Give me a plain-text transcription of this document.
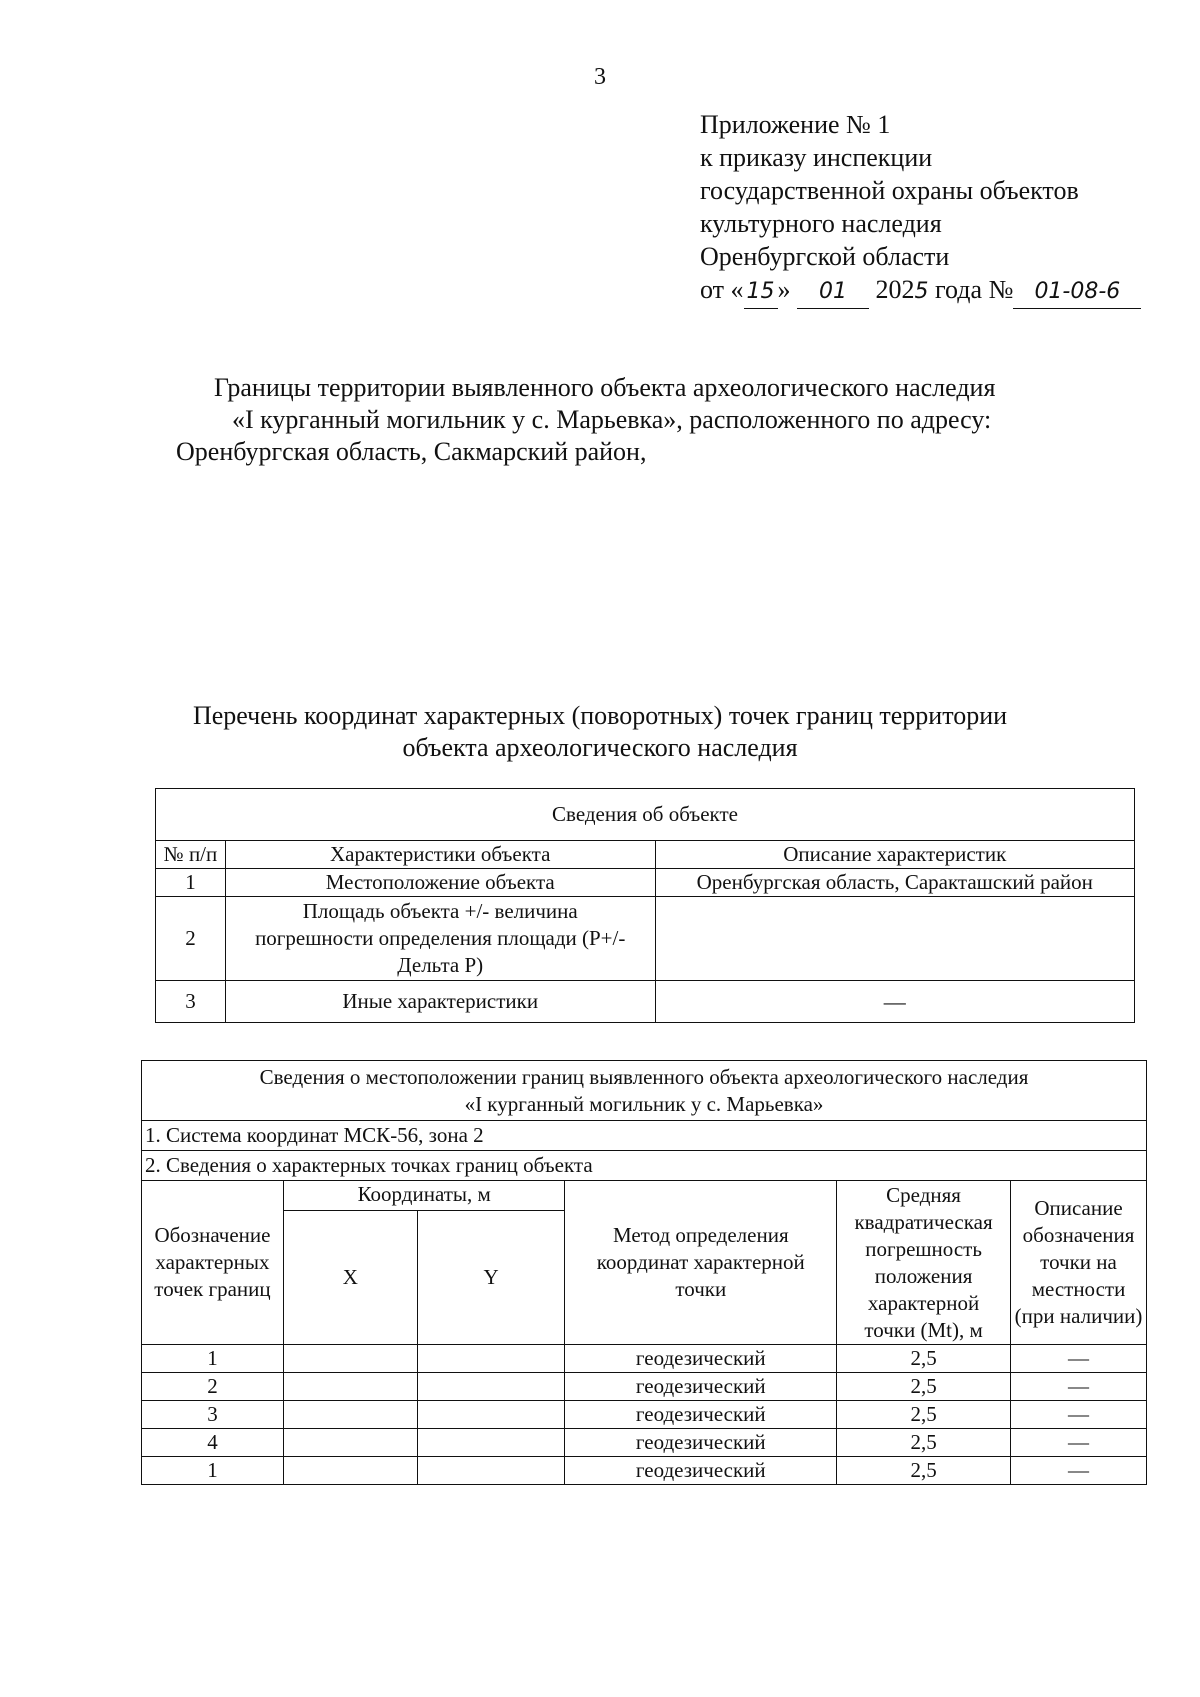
3
Приложение № 1
к приказу инспекции
государственной охраны объектов
культурного наследия
Оренбургской области
от « 15 » 01 2025 года № 01-08-6
Границы территории выявленного объекта археологического наследия
«I курганный могильник у с. Марьевка», расположенного по адресу:
Оренбургская область, Сакмарский район,
Перечень координат характерных (поворотных) точек границ территории
объекта археологического наследия
Сведения об объекте		
№ п/п	Характеристики объекта	Описание характеристик
1	Местоположение объекта	Оренбургская область, Саракташский район
2	Площадь объекта +/- величина погрешности определения площади (Р+/- Дельта Р)	
3	Иные характеристики	—
Сведения о местоположении границ выявленного объекта археологического наследия
«I курганный могильник у с. Марьевка»					

1. Система координат МСК-56, зона 2					
2. Сведения о характерных точках границ объекта					
Обозначение характерных точек границ	Координаты, м		Метод определения координат характерной точки	Средняя квадратическая погрешность положения характерной точки (Mt), м	Описание обозначения точки на местности (при наличии)
	X	Y			
1			геодезический	2,5	—
2			геодезический	2,5	—
3			геодезический	2,5	—
4			геодезический	2,5	—
1			геодезический	2,5	—
